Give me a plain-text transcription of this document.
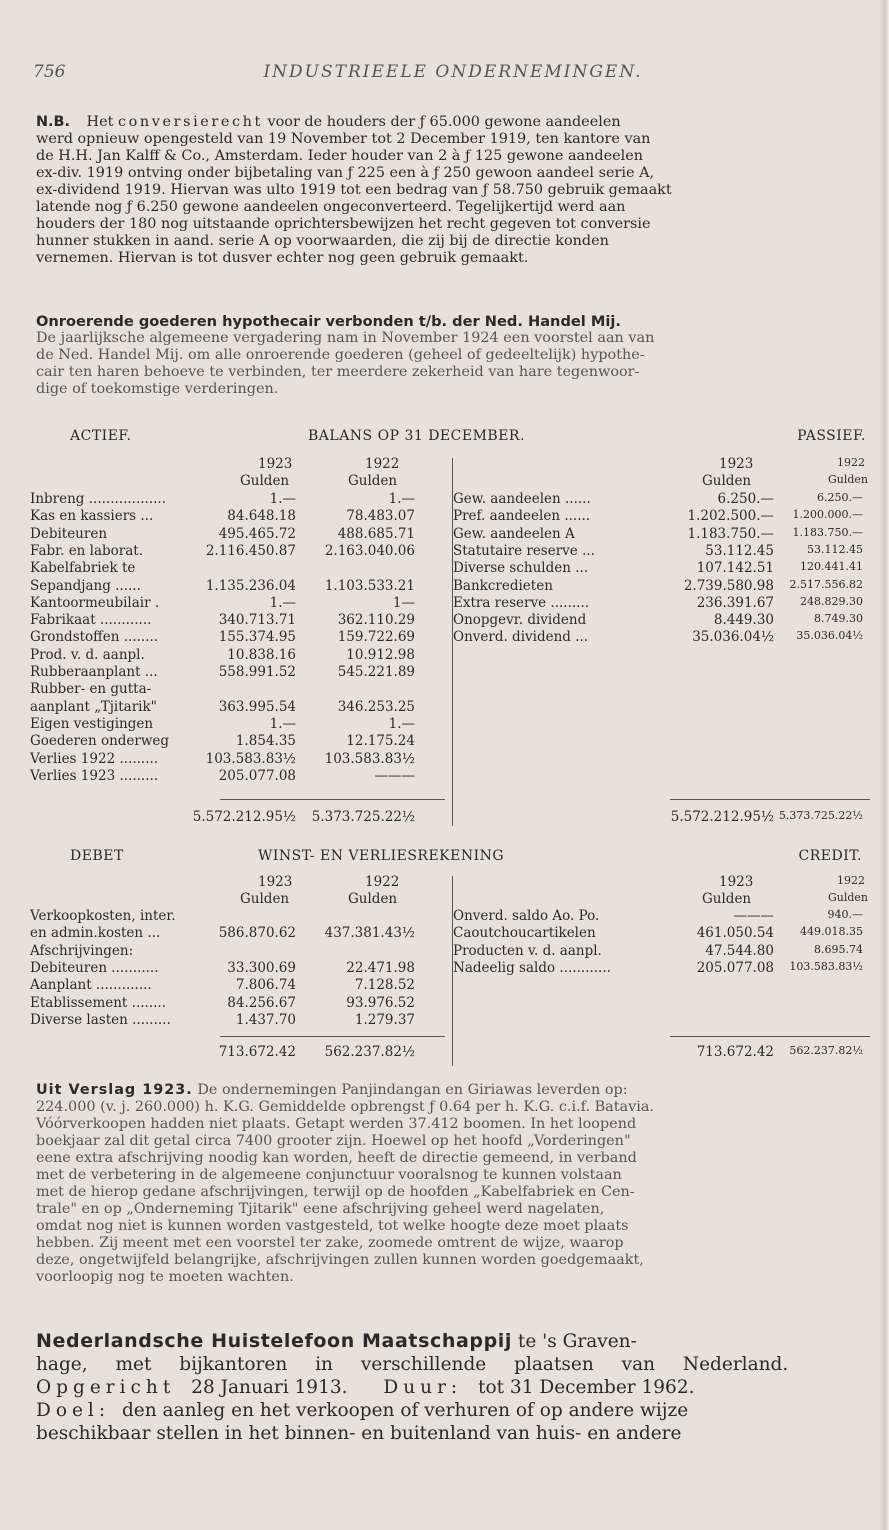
756	INDUSTRIEELE ONDERNEMINGEN.
N.B. Het conversierecht voor de houders der ƒ 65.000 gewone aandeelen
werd opnieuw opengesteld van 19 November tot 2 December 1919, ten kantore van
de H.H. Jan Kalff & Co., Amsterdam. Ieder houder van 2 à ƒ 125 gewone aandeelen
ex-div. 1919 ontving onder bijbetaling van ƒ 225 een à ƒ 250 gewoon aandeel serie A,
ex-dividend 1919. Hiervan was ulto 1919 tot een bedrag van ƒ 58.750 gebruik gemaakt
latende nog ƒ 6.250 gewone aandeelen ongeconverteerd. Tegelijkertijd werd aan
houders der 180 nog uitstaande oprichtersbewijzen het recht gegeven tot conversie
hunner stukken in aand. serie A op voorwaarden, die zij bij de directie konden
vernemen. Hiervan is tot dusver echter nog geen gebruik gemaakt.
Onroerende goederen hypothecair verbonden t/b. der Ned. Handel Mij.
De jaarlijksche algemeene vergadering nam in November 1924 een voorstel aan van
de Ned. Handel Mij. om alle onroerende goederen (geheel of gedeeltelijk) hypothe-
cair ten haren behoeve te verbinden, ter meerdere zekerheid van hare tegenwoor-
dige of toekomstige verderingen.
ACTIEF.	BALANS OP 31 DECEMBER.	PASSIEF.
1923	1922	1923	1922
Gulden	Gulden	Gulden	Gulden
Inbreng ..................	1.—	1.—
Kas en kassiers ...	84.648.18	78.483.07
Debiteuren	495.465.72	488.685.71
Fabr. en laborat.	2.116.450.87 2.163.040.06
Kabelfabriek te
Sepandjang ......	1.135.236.04 1.103.533.21
Kantoormeubilair .	1.—	1—
Fabrikaat ............	340.713.71	362.110.29
Grondstoffen ........	155.374.95	159.722.69
Prod. v. d. aanpl.	10.838.16	10.912.98
Rubberaanplant ...	558.991.52	545.221.89
Rubber- en gutta-
aanplant „Tjitarik"	363.995.54	346.253.25
Eigen vestigingen	1.—	1.—
Goederen onderweg	1.854.35	12.175.24
Verlies 1922 .........	103.583.83½ 103.583.83½
Verlies 1923 .........	205.077.08	———
Gew. aandeelen ......	6.250.—	6.250.—
Pref. aandeelen ......	1.202.500.— 1.200.000.—
Gew. aandeelen A	1.183.750.— 1.183.750.—
Statutaire reserve ...	53.112.45	53.112.45
Diverse schulden ...	107.142.51 120.441.41
Bankcredieten	2.739.580.98 2.517.556.82
Extra reserve .........	236.391.67 248.829.30
Onopgevr. dividend	8.449.30	8.749.30
Onverd. dividend ...	35.036.04½ 35.036.04½
5.572.212.95½ 5.373.725.22½	5.572.212.95½ 5.373.725.22½
DEBET	WINST- EN VERLIESREKENING	CREDIT.
1923	1922	1923	1922
Gulden	Gulden	Gulden	Gulden
Verkoopkosten, inter.
en admin.kosten ...	586.870.62 437.381.43½
Afschrijvingen:
Debiteuren ...........	33.300.69	22.471.98
Aanplant .............	7.806.74	7.128.52
Etablissement ........	84.256.67	93.976.52
Diverse lasten .........	1.437.70	1.279.37
Onverd. saldo Ao. Po.	———	940.—
Caoutchoucartikelen	461.050.54 449.018.35
Producten v. d. aanpl.	47.544.80	8.695.74
Nadeelig saldo ............	205.077.08 103.583.83½
713.672.42 562.237.82½	713.672.42 562.237.82½
Uit Verslag 1923. De ondernemingen Panjindangan en Giriawas leverden op:
224.000 (v. j. 260.000) h. K.G. Gemiddelde opbrengst ƒ 0.64 per h. K.G. c.i.f. Batavia.
Vóórverkoopen hadden niet plaats. Getapt werden 37.412 boomen. In het loopend
boekjaar zal dit getal circa 7400 grooter zijn. Hoewel op het hoofd „Vorderingen"
eene extra afschrijving noodig kan worden, heeft de directie gemeend, in verband
met de verbetering in de algemeene conjunctuur vooralsnog te kunnen volstaan
met de hierop gedane afschrijvingen, terwijl op de hoofden „Kabelfabriek en Cen-
trale" en op „Onderneming Tjitarik" eene afschrijving geheel werd nagelaten,
omdat nog niet is kunnen worden vastgesteld, tot welke hoogte deze moet plaats
hebben. Zij meent met een voorstel ter zake, zoomede omtrent de wijze, waarop
deze, ongetwijfeld belangrijke, afschrijvingen zullen kunnen worden goedgemaakt,
voorloopig nog te moeten wachten.
Nederlandsche Huistelefoon Maatschappij te 's Graven-
hage, met bijkantoren in verschillende plaatsen van Nederland.
Opgericht 28 Januari 1913. Duur: tot 31 December 1962.
Doel: den aanleg en het verkoopen of verhuren of op andere wijze
beschikbaar stellen in het binnen- en buitenland van huis- en andere
